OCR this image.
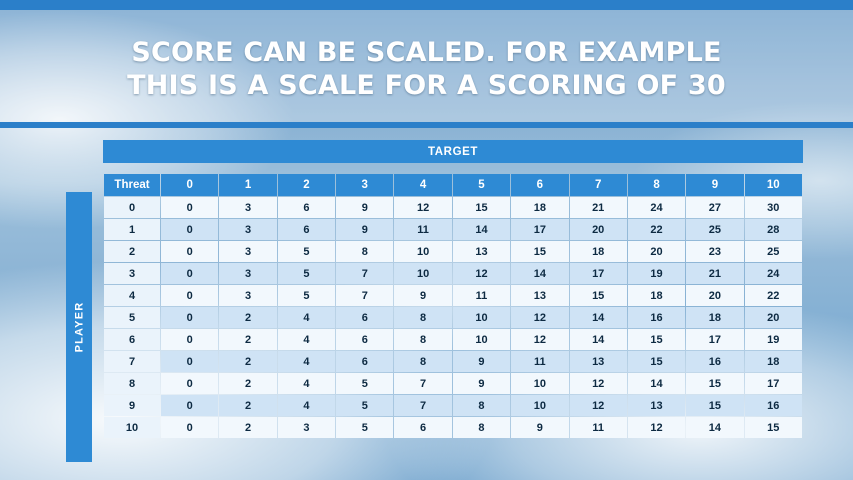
SCORE CAN BE SCALED. FOR EXAMPLE
THIS IS A SCALE FOR A SCORING OF 30
TARGET
PLAYER
Threat	0	1	2	3	4	5	6	7	8	9	10
0	0	3	6	9	12	15	18	21	24	27	30
1	0	3	6	9	11	14	17	20	22	25	28
2	0	3	5	8	10	13	15	18	20	23	25
3	0	3	5	7	10	12	14	17	19	21	24
4	0	3	5	7	9	11	13	15	18	20	22
5	0	2	4	6	8	10	12	14	16	18	20
6	0	2	4	6	8	10	12	14	15	17	19
7	0	2	4	6	8	9	11	13	15	16	18
8	0	2	4	5	7	9	10	12	14	15	17
9	0	2	4	5	7	8	10	12	13	15	16
10	0	2	3	5	6	8	9	11	12	14	15
